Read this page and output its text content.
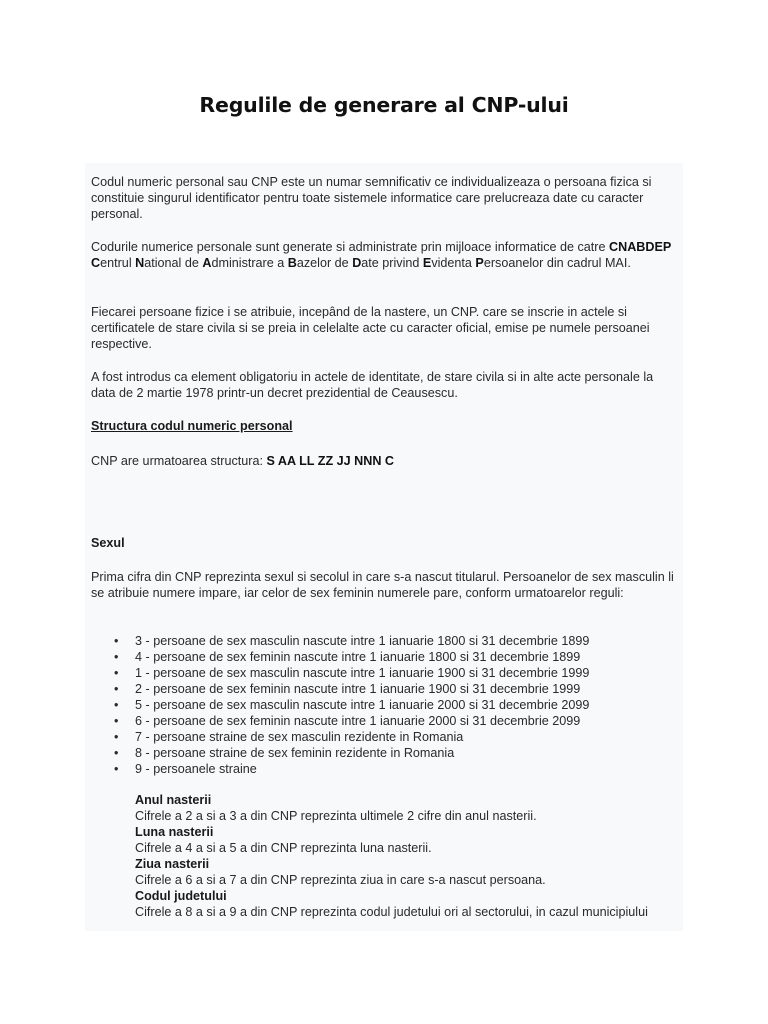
Regulile de generare al CNP-ului
Codul numeric personal sau CNP este un numar semnificativ ce individualizeaza o persoana fizica si constituie singurul identificator pentru toate sistemele informatice care prelucreaza date cu caracter personal.
Codurile numerice personale sunt generate si administrate prin mijloace informatice de catre CNABDEP Centrul National de Administrare a Bazelor de Date privind Evidenta Persoanelor din cadrul MAI.
Fiecarei persoane fizice i se atribuie, incepând de la nastere, un CNP. care se inscrie in actele si certificatele de stare civila si se preia in celelalte acte cu caracter oficial, emise pe numele persoanei respective.
A fost introdus ca element obligatoriu in actele de identitate, de stare civila si in alte acte personale la data de 2 martie 1978 printr-un decret prezidential de Ceausescu.
Structura codul numeric personal
CNP are urmatoarea structura: S AA LL ZZ JJ NNN C
Sexul
Prima cifra din CNP reprezinta sexul si secolul in care s-a nascut titularul. Persoanelor de sex masculin li se atribuie numere impare, iar celor de sex feminin numerele pare, conform urmatoarelor reguli:
• 3 - persoane de sex masculin nascute intre 1 ianuarie 1800 si 31 decembrie 1899
• 4 - persoane de sex feminin nascute intre 1 ianuarie 1800 si 31 decembrie 1899
• 1 - persoane de sex masculin nascute intre 1 ianuarie 1900 si 31 decembrie 1999
• 2 - persoane de sex feminin nascute intre 1 ianuarie 1900 si 31 decembrie 1999
• 5 - persoane de sex masculin nascute intre 1 ianuarie 2000 si 31 decembrie 2099
• 6 - persoane de sex feminin nascute intre 1 ianuarie 2000 si 31 decembrie 2099
• 7 - persoane straine de sex masculin rezidente in Romania
• 8 - persoane straine de sex feminin rezidente in Romania
• 9 - persoanele straine
Anul nasterii
Cifrele a 2 a si a 3 a din CNP reprezinta ultimele 2 cifre din anul nasterii.
Luna nasterii
Cifrele a 4 a si a 5 a din CNP reprezinta luna nasterii.
Ziua nasterii
Cifrele a 6 a si a 7 a din CNP reprezinta ziua in care s-a nascut persoana.
Codul judetului
Cifrele a 8 a si a 9 a din CNP reprezinta codul judetului ori al sectorului, in cazul municipiului
